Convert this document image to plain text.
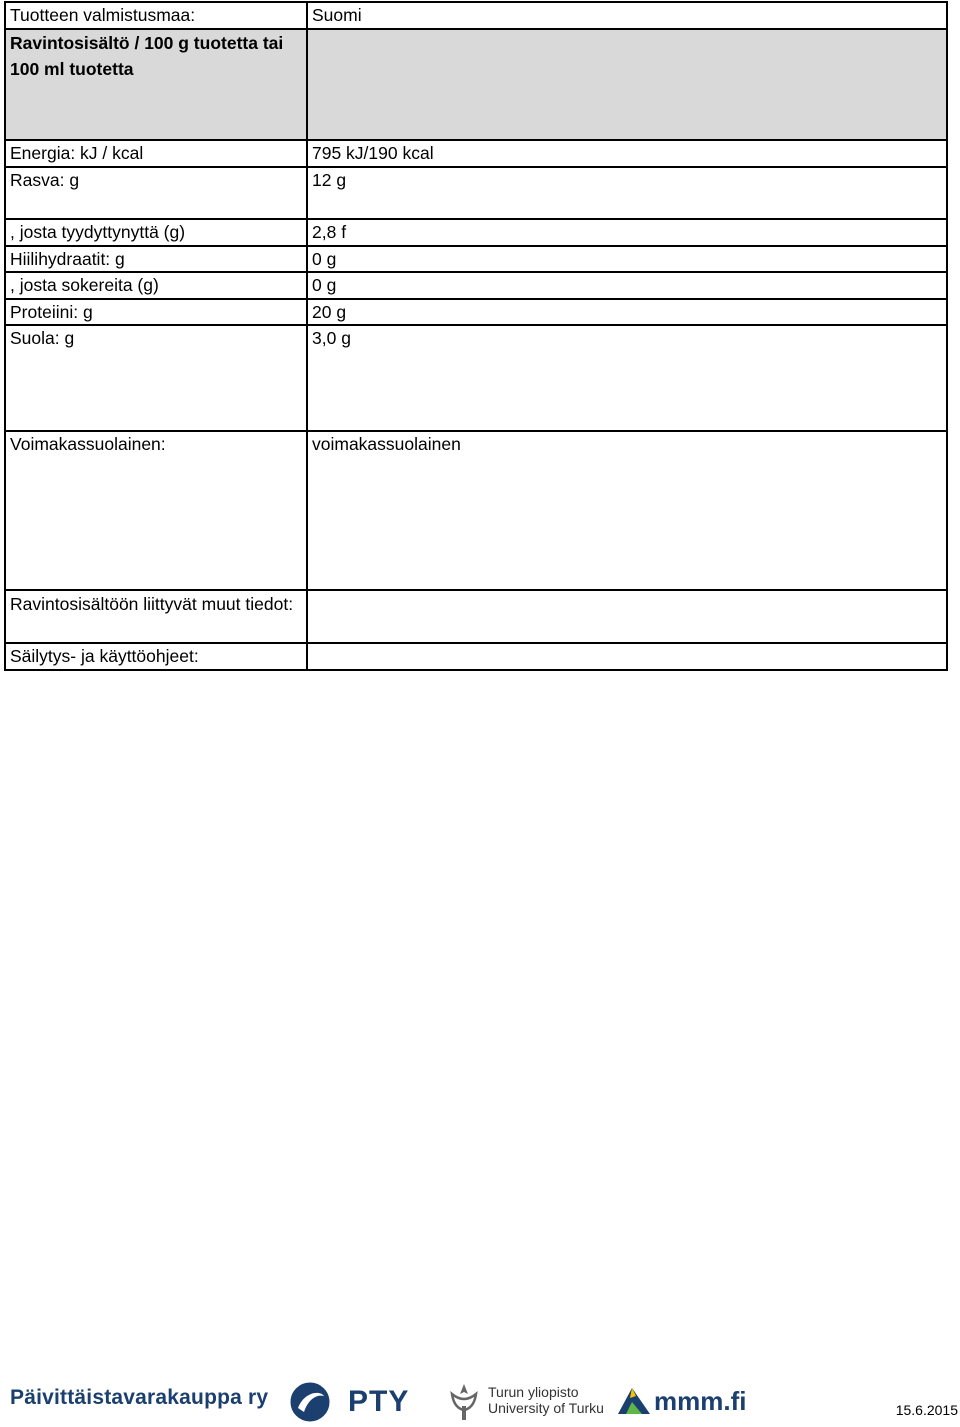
Tuotteen valmistusmaa:	Suomi
Ravintosisältö / 100 g tuotetta tai 100 ml tuotetta	
Energia: kJ / kcal	795 kJ/190 kcal
Rasva: g	12 g
, josta tyydyttynyttä (g)	2,8 f
Hiilihydraatit: g	0 g
, josta sokereita (g)	0 g
Proteiini: g	20 g
Suola: g	3,0 g
Voimakassuolainen:	voimakassuolainen
Ravintosisältöön liittyvät muut tiedot:	
Säilytys- ja käyttöohjeet:	
Päivittäistavarakauppa ry	PTY	Turun yliopisto
University of Turku mmm.fi	15.6.2015
